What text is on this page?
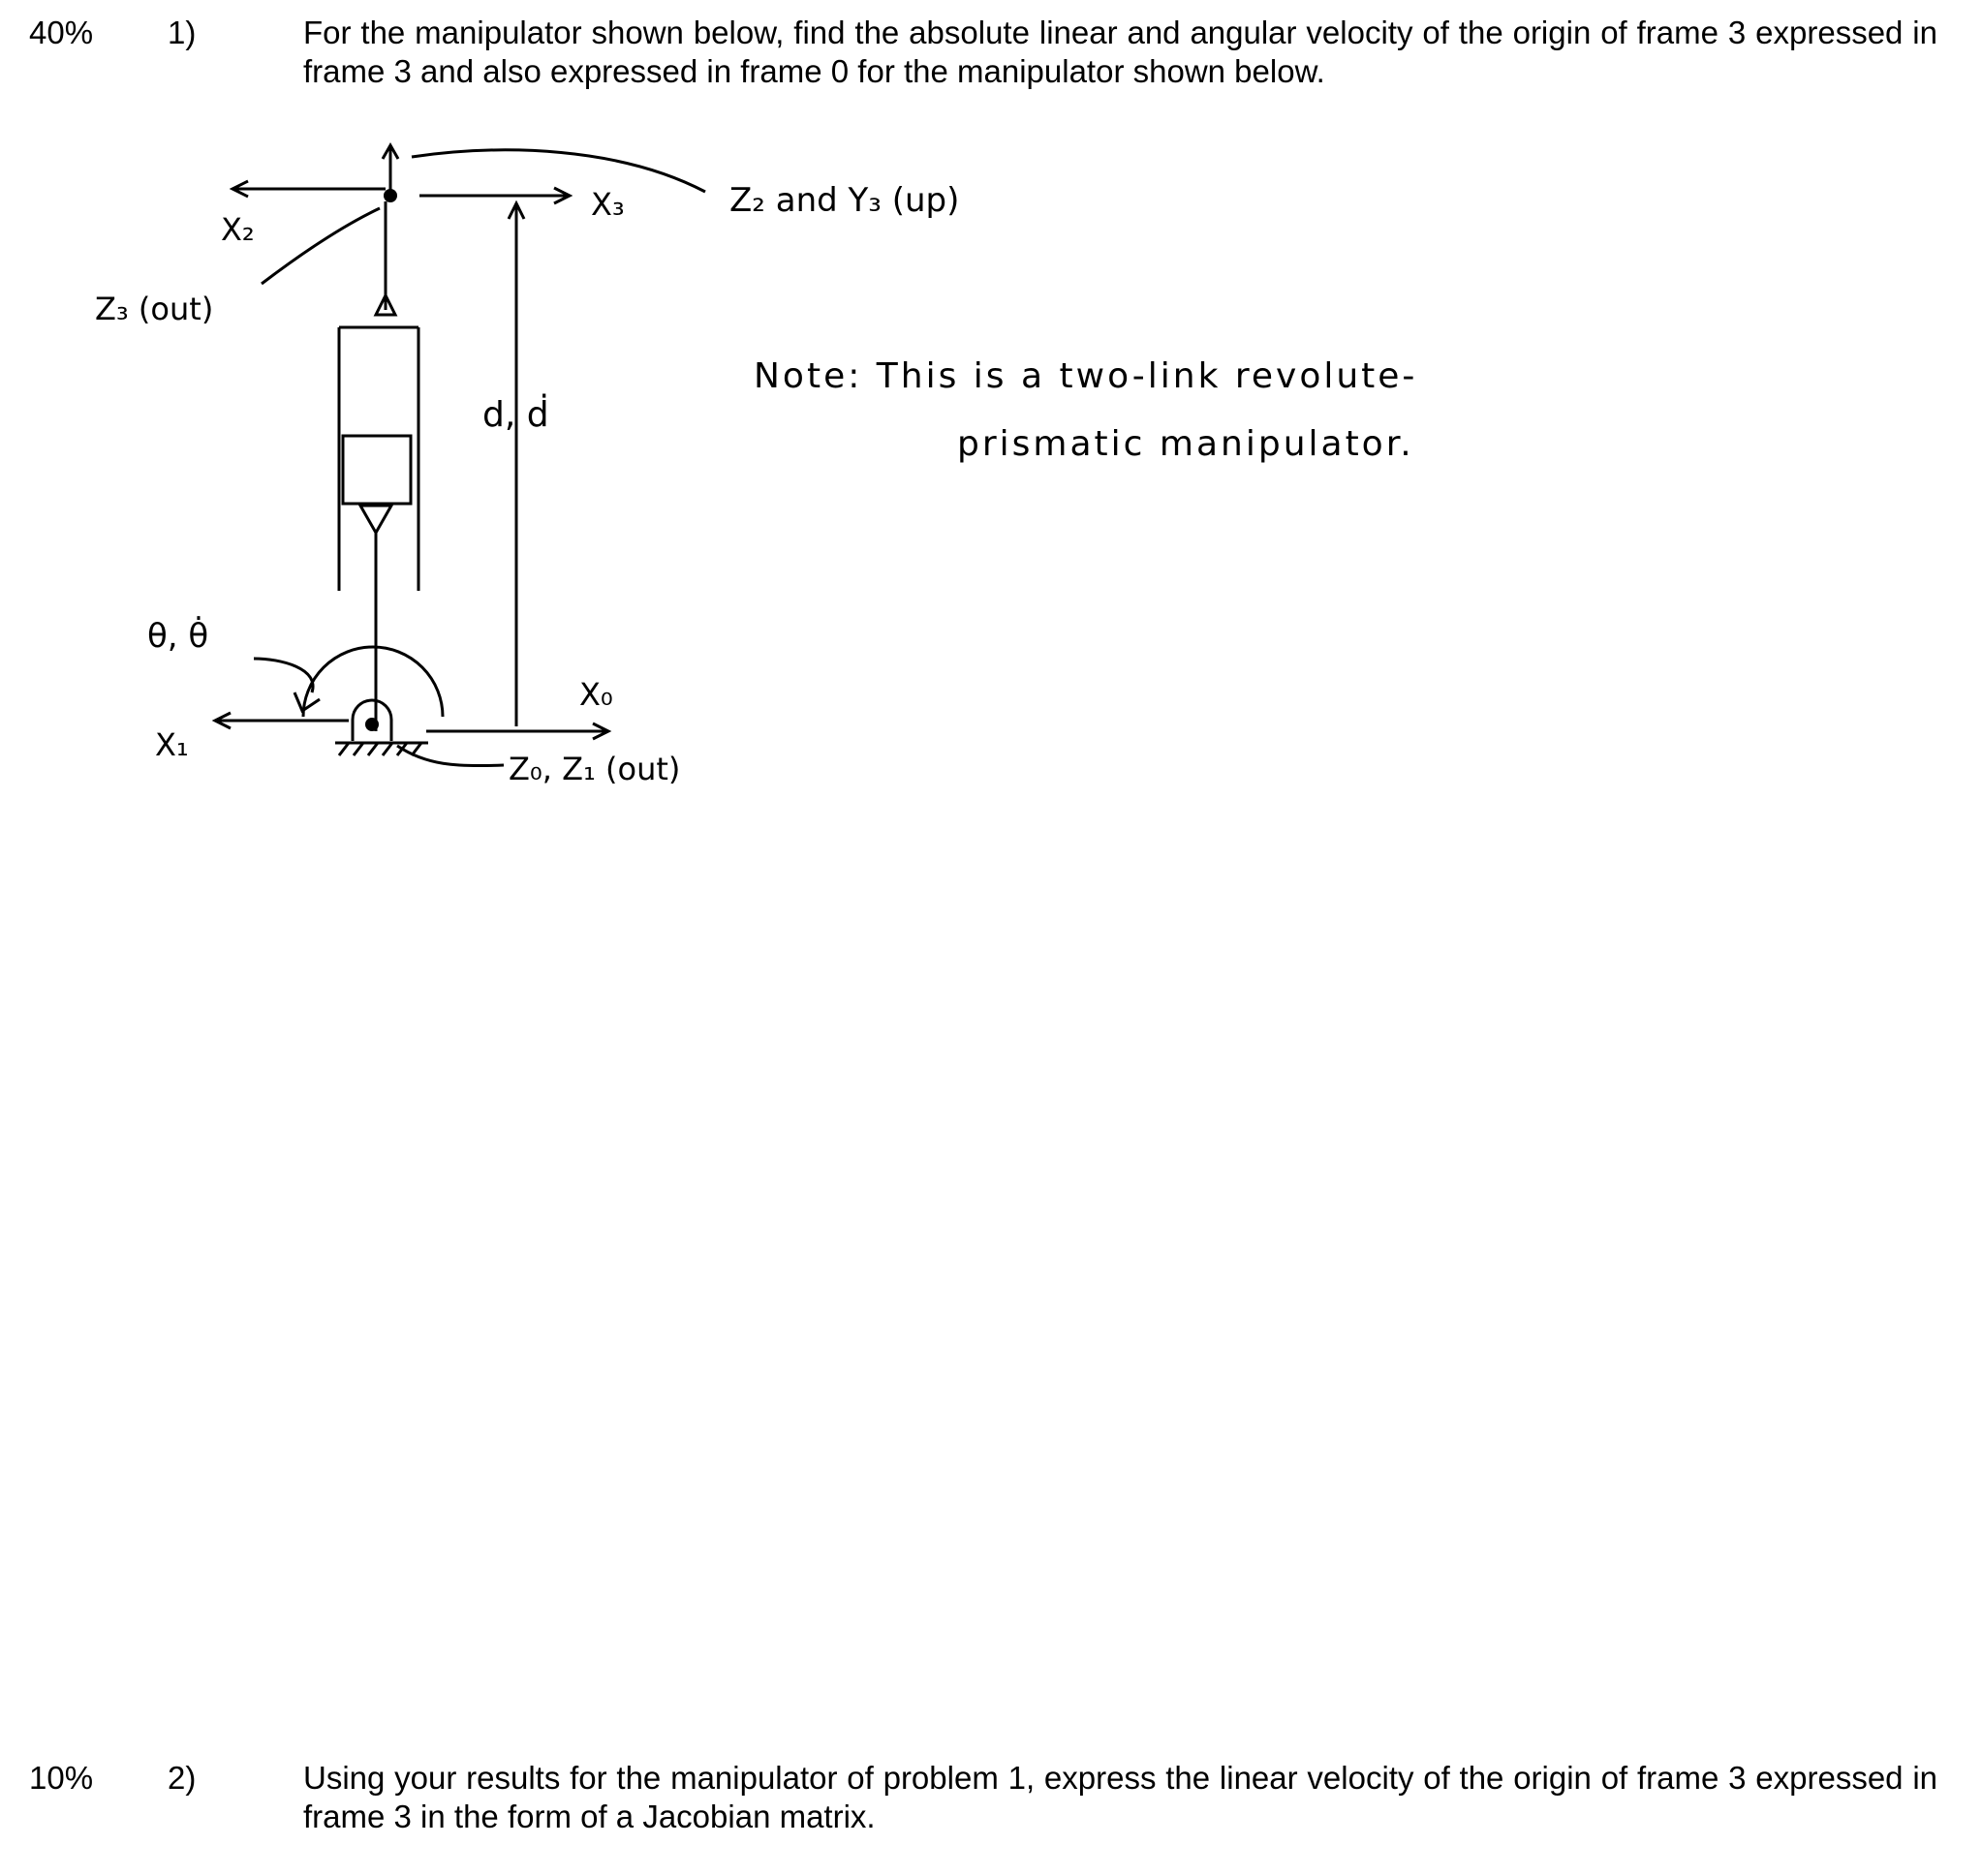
40% 1)	For the manipulator shown below, find the absolute linear and angular velocity of the origin of frame 3 expressed in frame 3 and also expressed in frame 0 for the manipulator shown below.
X₂
X₃	Z₂ and Y₃ (up)
Z₃ (out)
d, ḋ
θ, θ̇
X₀
X₁
Z₀, Z₁ (out)
Note: This is a two-link revolute-
prismatic manipulator.
10% 2)	Using your results for the manipulator of problem 1, express the linear velocity of the origin of frame 3 expressed in frame 3 in the form of a Jacobian matrix.
